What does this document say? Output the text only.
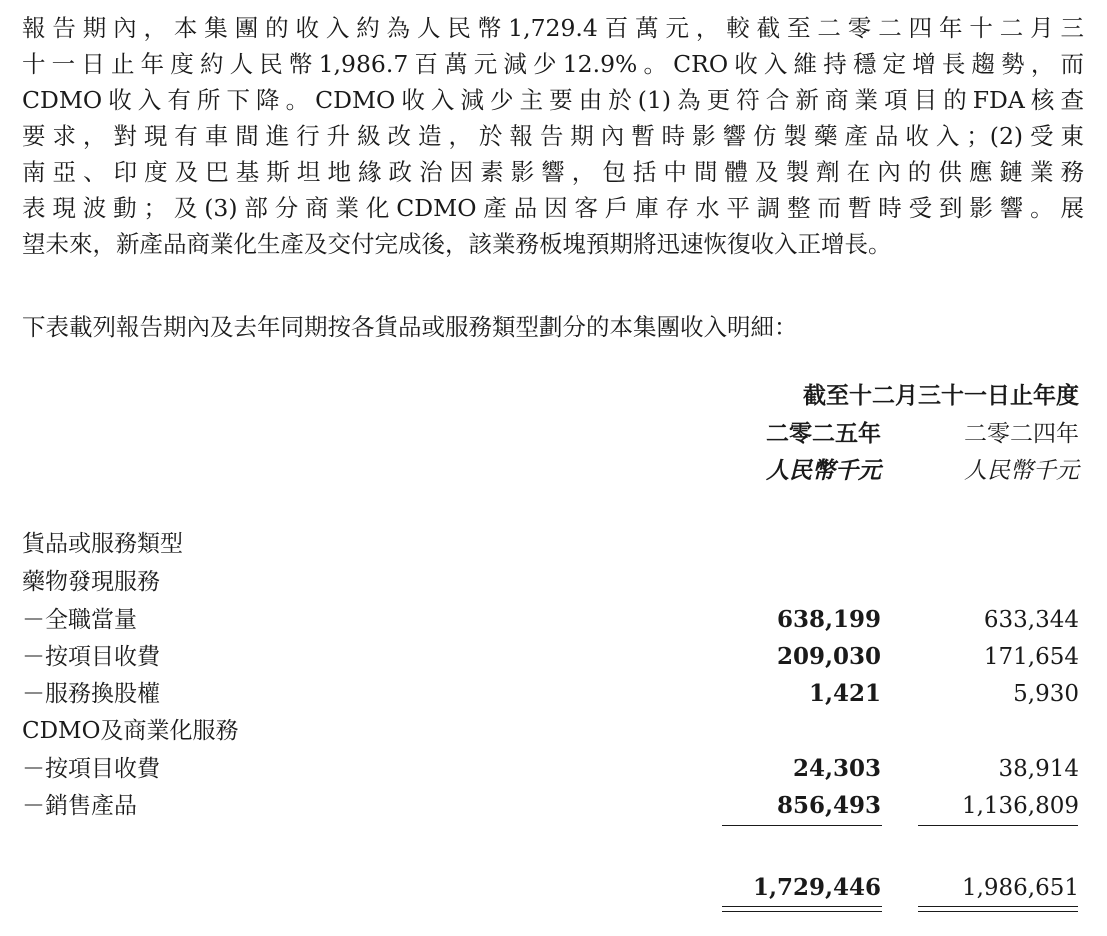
報告期內，本集團的收入約為人民幣1,729.4百萬元，較截至二零二四年十二月三
十一日止年度約人民幣1,986.7百萬元減少12.9%。CRO收入維持穩定增長趨勢，而
CDMO收入有所下降。CDMO收入減少主要由於(1)為更符合新商業項目的FDA核查
要求，對現有車間進行升級改造，於報告期內暫時影響仿製藥產品收入；(2)受東
南亞、印度及巴基斯坦地緣政治因素影響，包括中間體及製劑在內的供應鏈業務
表現波動；及(3)部分商業化CDMO產品因客戶庫存水平調整而暫時受到影響。展
望未來，新產品商業化生產及交付完成後，該業務板塊預期將迅速恢復收入正增長。
下表載列報告期內及去年同期按各貨品或服務類型劃分的本集團收入明細：
截至十二月三十一日止年度
二零二五年	二零二四年
人民幣千元	人民幣千元
貨品或服務類型
藥物發現服務
－全職當量	638,199	633,344
－按項目收費	209,030	171,654
－服務換股權	1,421	5,930
CDMO及商業化服務
－按項目收費	24,303	38,914
－銷售產品	856,493	1,136,809
1,729,446	1,986,651
